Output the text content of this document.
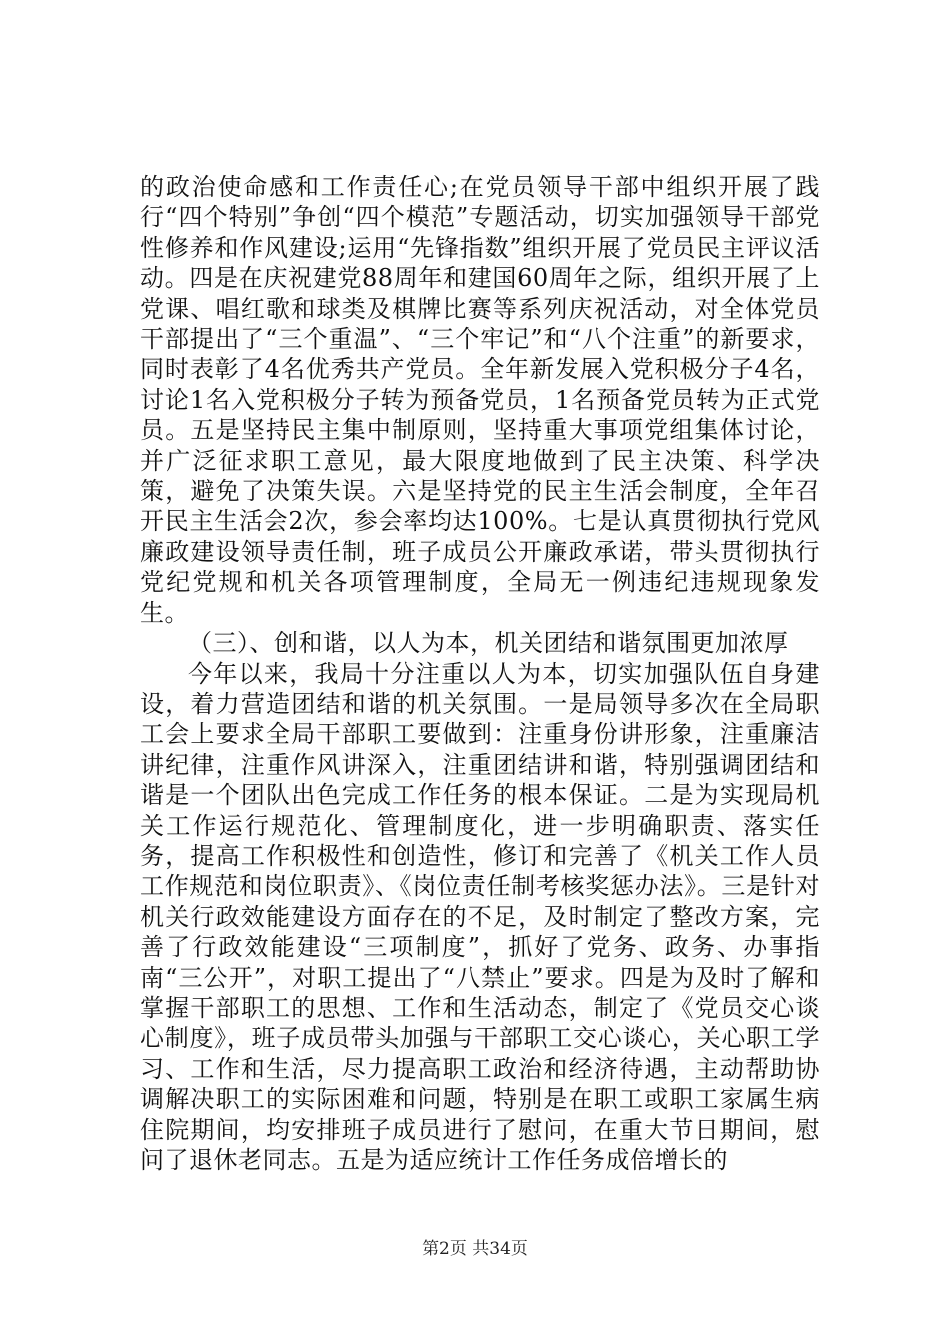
的政治使命感和工作责任心;在党员领导干部中组织开展了践行“四个特别”争创“四个模范”专题活动，切实加强领导干部党性修养和作风建设;运用“先锋指数”组织开展了党员民主评议活动。四是在庆祝建党88周年和建国60周年之际，组织开展了上党课、唱红歌和球类及棋牌比赛等系列庆祝活动，对全体党员干部提出了“三个重温”、“三个牢记”和“八个注重”的新要求，同时表彰了4名优秀共产党员。全年新发展入党积极分子4名，讨论1名入党积极分子转为预备党员，1名预备党员转为正式党员。五是坚持民主集中制原则，坚持重大事项党组集体讨论，并广泛征求职工意见，最大限度地做到了民主决策、科学决策，避免了决策失误。六是坚持党的民主生活会制度，全年召开民主生活会2次，参会率均达100%。七是认真贯彻执行党风廉政建设领导责任制，班子成员公开廉政承诺，带头贯彻执行党纪党规和机关各项管理制度，全局无一例违纪违规现象发生。

（三）、创和谐，以人为本，机关团结和谐氛围更加浓厚

今年以来，我局十分注重以人为本，切实加强队伍自身建设，着力营造团结和谐的机关氛围。一是局领导多次在全局职工会上要求全局干部职工要做到：注重身份讲形象，注重廉洁讲纪律，注重作风讲深入，注重团结讲和谐，特别强调团结和谐是一个团队出色完成工作任务的根本保证。二是为实现局机关工作运行规范化、管理制度化，进一步明确职责、落实任务，提高工作积极性和创造性，修订和完善了《机关工作人员工作规范和岗位职责》、《岗位责任制考核奖惩办法》。三是针对机关行政效能建设方面存在的不足，及时制定了整改方案，完善了行政效能建设“三项制度”，抓好了党务、政务、办事指南“三公开”，对职工提出了“八禁止”要求。四是为及时了解和掌握干部职工的思想、工作和生活动态，制定了《党员交心谈心制度》，班子成员带头加强与干部职工交心谈心，关心职工学习、工作和生活，尽力提高职工政治和经济待遇，主动帮助协调解决职工的实际困难和问题，特别是在职工或职工家属生病住院期间，均安排班子成员进行了慰问，在重大节日期间，慰问了退休老同志。五是为适应统计工作任务成倍增长的

第2页 共34页
